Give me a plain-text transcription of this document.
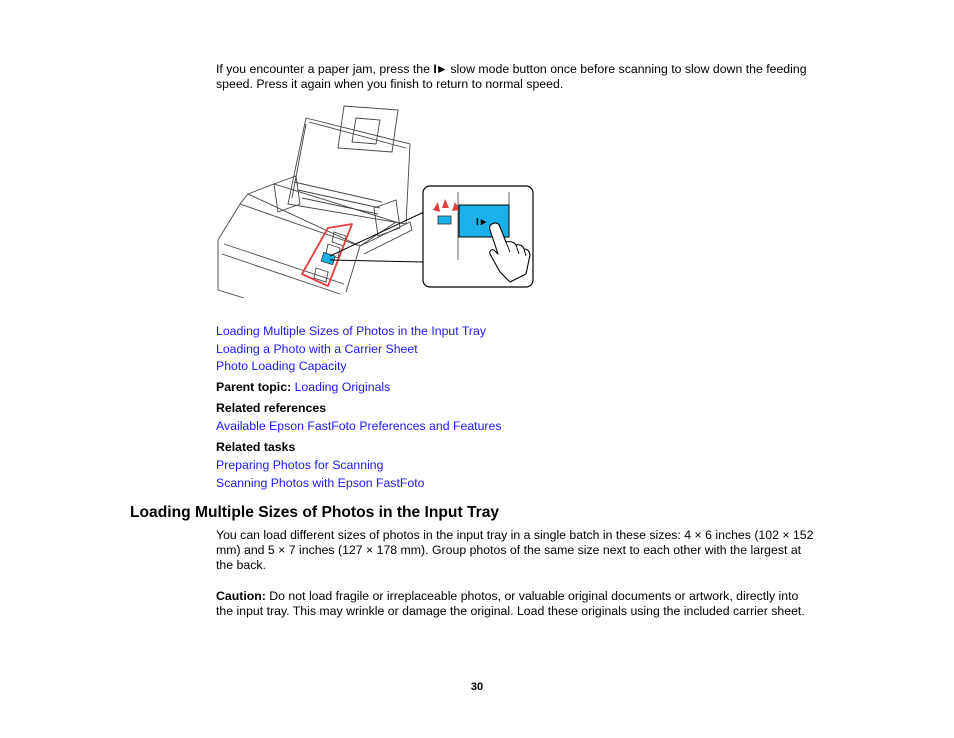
If you encounter a paper jam, press the I► slow mode button once before scanning to slow down the feeding speed. Press it again when you finish to return to normal speed.

I►
Loading Multiple Sizes of Photos in the Input Tray
Loading a Photo with a Carrier Sheet
Photo Loading Capacity

Parent topic: Loading Originals

Related references

Available Epson FastFoto Preferences and Features

Related tasks

Preparing Photos for Scanning
Scanning Photos with Epson FastFoto
Loading Multiple Sizes of Photos in the Input Tray

You can load different sizes of photos in the input tray in a single batch in these sizes: 4 × 6 inches (102 × 152 mm) and 5 × 7 inches (127 × 178 mm). Group photos of the same size next to each other with the largest at the back.

Caution: Do not load fragile or irreplaceable photos, or valuable original documents or artwork, directly into the input tray. This may wrinkle or damage the original. Load these originals using the included carrier sheet.

30
